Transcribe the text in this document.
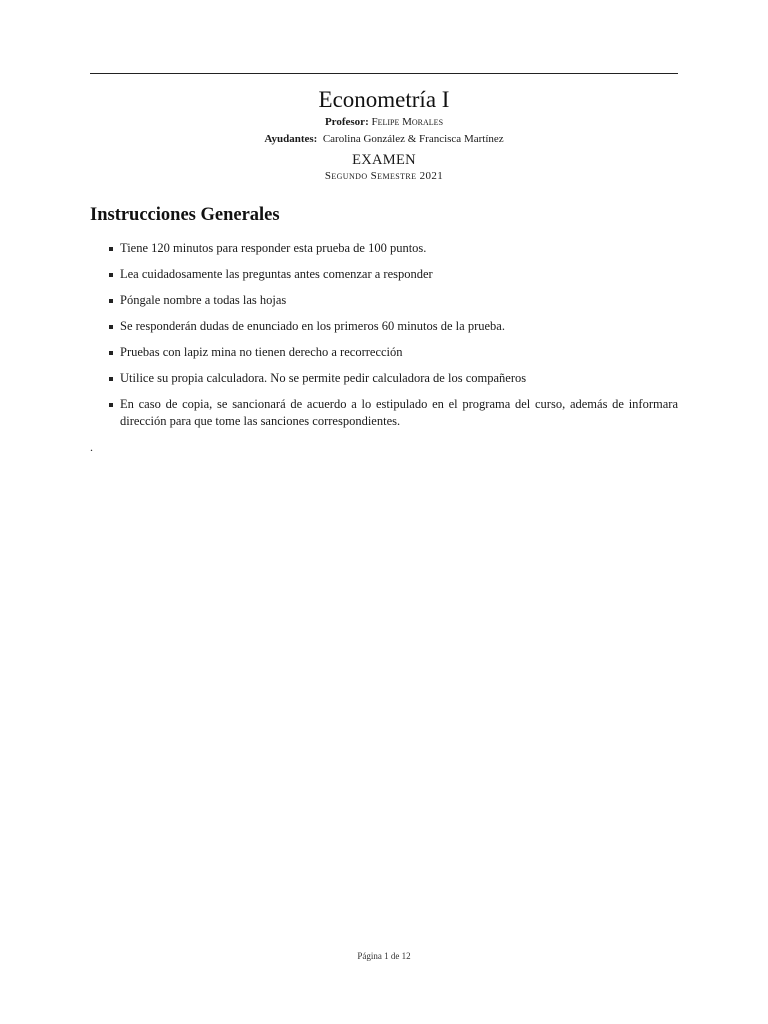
Econometría I
Profesor: Felipe Morales
Ayudantes: Carolina González & Francisca Martínez
EXAMEN
Segundo Semestre 2021
Instrucciones Generales
Tiene 120 minutos para responder esta prueba de 100 puntos.
Lea cuidadosamente las preguntas antes comenzar a responder
Póngale nombre a todas las hojas
Se responderán dudas de enunciado en los primeros 60 minutos de la prueba.
Pruebas con lapiz mina no tienen derecho a recorrección
Utilice su propia calculadora. No se permite pedir calculadora de los compañeros
En caso de copia, se sancionará de acuerdo a lo estipulado en el programa del curso, además de informara dirección para que tome las sanciones correspondientes.
.
Página 1 de 12
